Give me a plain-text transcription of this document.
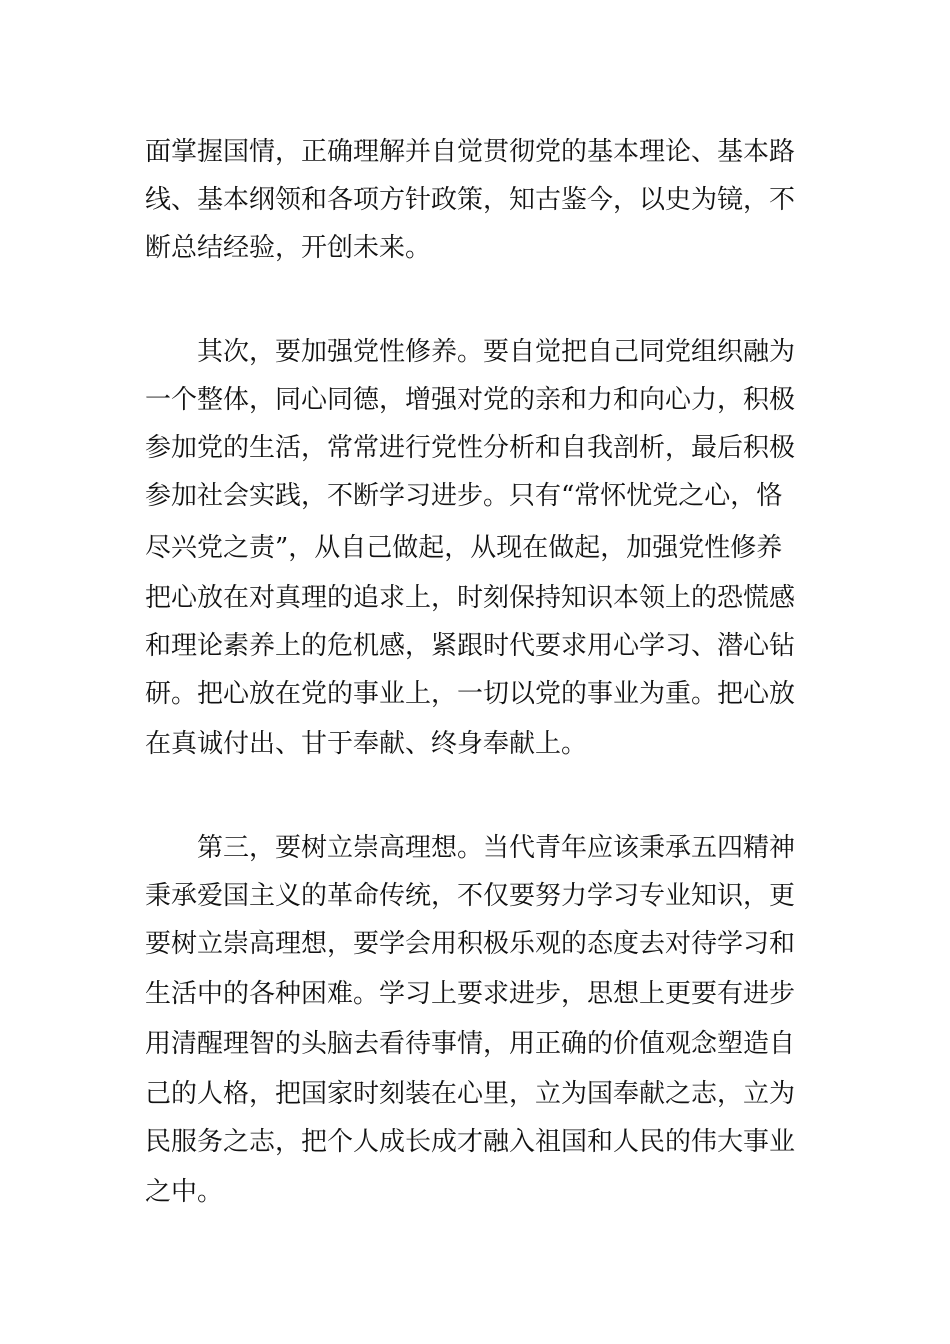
面掌握国情，正确理解并自觉贯彻党的基本理论、基本路
线、基本纲领和各项方针政策，知古鉴今，以史为镜，不
断总结经验，开创未来。
其次，要加强党性修养。要自觉把自己同党组织融为
一个整体，同心同德，增强对党的亲和力和向心力，积极
参加党的生活，常常进行党性分析和自我剖析，最后积极
参加社会实践，不断学习进步。只有“常怀忧党之心，恪
尽兴党之责”，从自己做起，从现在做起，加强党性修养
把心放在对真理的追求上，时刻保持知识本领上的恐慌感
和理论素养上的危机感，紧跟时代要求用心学习、潜心钻
研。把心放在党的事业上，一切以党的事业为重。把心放
在真诚付出、甘于奉献、终身奉献上。
第三，要树立崇高理想。当代青年应该秉承五四精神
秉承爱国主义的革命传统，不仅要努力学习专业知识，更
要树立崇高理想，要学会用积极乐观的态度去对待学习和
生活中的各种困难。学习上要求进步，思想上更要有进步
用清醒理智的头脑去看待事情，用正确的价值观念塑造自
己的人格，把国家时刻装在心里，立为国奉献之志，立为
民服务之志，把个人成长成才融入祖国和人民的伟大事业
之中。
